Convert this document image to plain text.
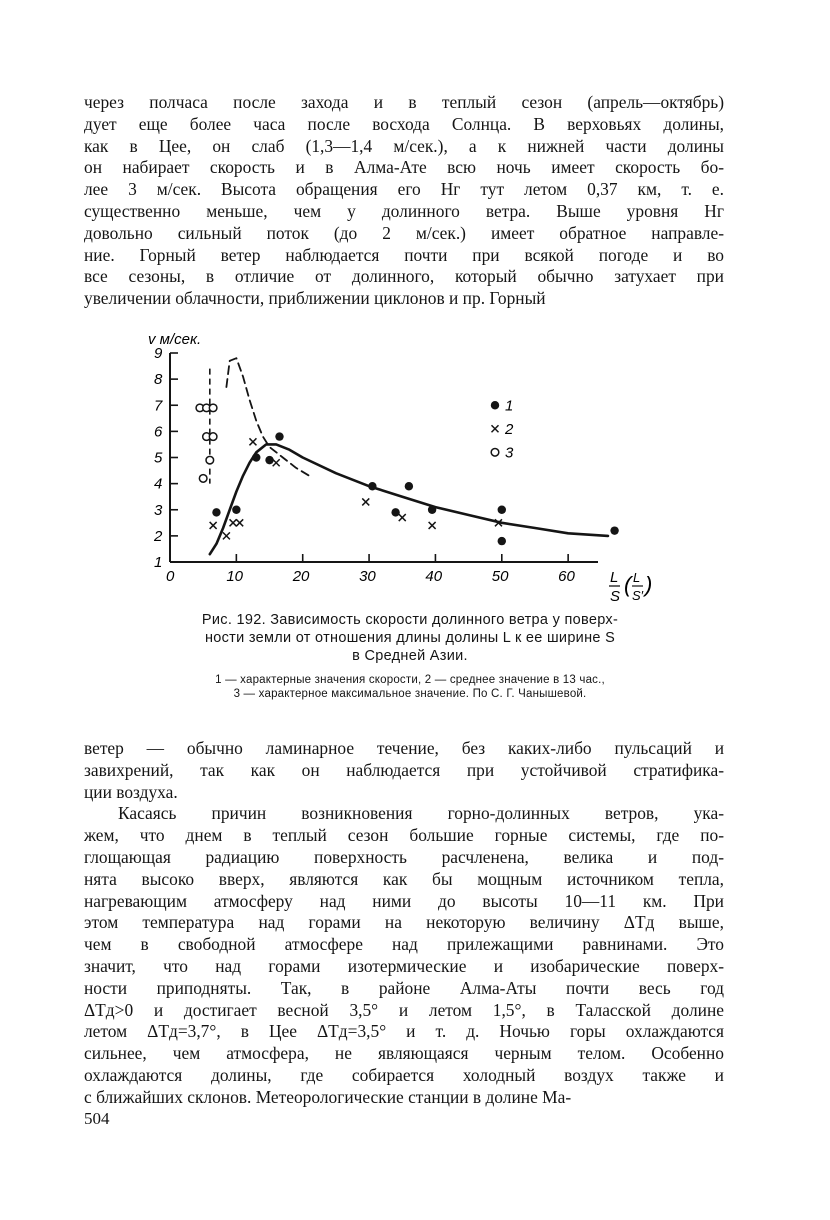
через полчаса после захода и в теплый сезон (апрель—октябрь)
дует еще более часа после восхода Солнца. В верховьях долины,
как в Цее, он слаб (1,3—1,4 м/сек.), а к нижней части долины
он набирает скорость и в Алма-Ате всю ночь имеет скорость бо-
лее 3 м/сек. Высота обращения его Hг тут летом 0,37 км, т. е.
существенно меньше, чем у долинного ветра. Выше уровня Hг
довольно сильный поток (до 2 м/сек.) имеет обратное направле-
ние. Горный ветер наблюдается почти при всякой погоде и во
все сезоны, в отличие от долинного, который обычно затухает при
увеличении облачности, приближении циклонов и пр. Горный

1
2
3
4
5
6
7
8
9
0	10	20	30	40	50	60
1
2
3
v м/сек.
L
S ( L
S′ )
Рис. 192. Зависимость скорости долинного ветра у поверх-
ности земли от отношения длины долины L к ее ширине S
в Средней Азии.
1 — характерные значения скорости, 2 — среднее значение в 13 час.,
3 — характерное максимальное значение. По С. Г. Чанышевой.

ветер — обычно ламинарное течение, без каких-либо пульсаций и
завихрений, так как он наблюдается при устойчивой стратифика-
ции воздуха.
Касаясь причин возникновения горно-долинных ветров, ука-
жем, что днем в теплый сезон большие горные системы, где по-
глощающая радиацию поверхность расчленена, велика и под-
нята высоко вверх, являются как бы мощным источником тепла,
нагревающим атмосферу над ними до высоты 10—11 км. При
этом температура над горами на некоторую величину ΔTд выше,
чем в свободной атмосфере над прилежащими равнинами. Это
значит, что над горами изотермические и изобарические поверх-
ности приподняты. Так, в районе Алма-Аты почти весь год
ΔTд>0 и достигает весной 3,5° и летом 1,5°, в Таласской долине
летом ΔTд=3,7°, в Цее ΔTд=3,5° и т. д. Ночью горы охлаждаются
сильнее, чем атмосфера, не являющаяся черным телом. Особенно
охлаждаются долины, где собирается холодный воздух также и
с ближайших склонов. Метеорологические станции в долине Ма-

504
